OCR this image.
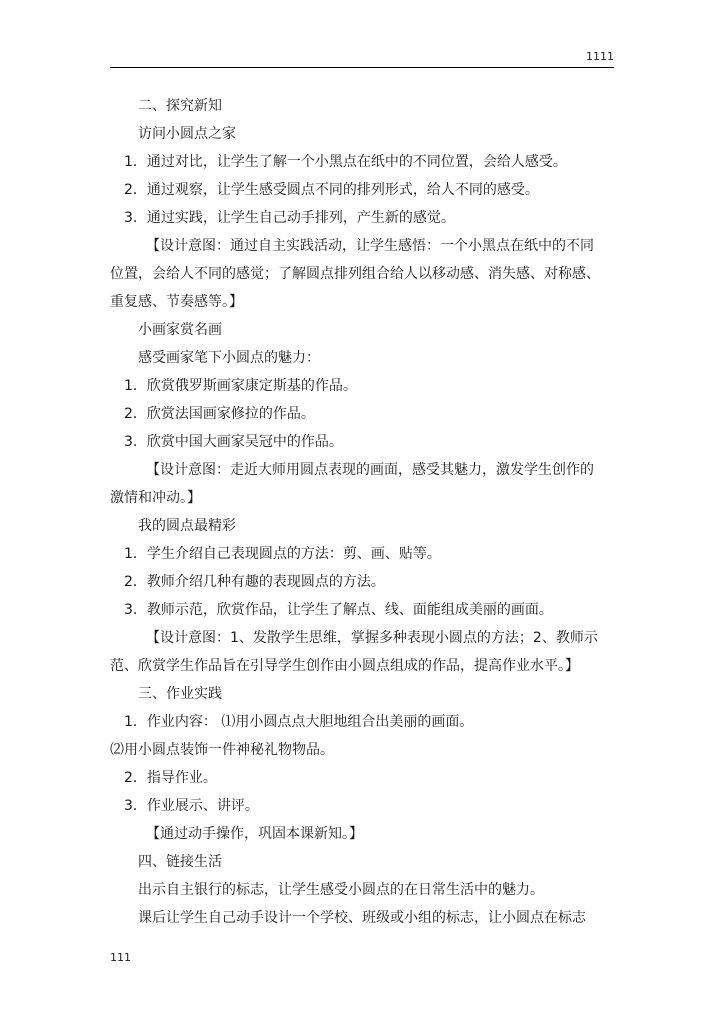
1111
二、探究新知
访问小圆点之家
1．通过对比，让学生了解一个小黑点在纸中的不同位置，会给人感受。
2．通过观察，让学生感受圆点不同的排列形式，给人不同的感受。
3．通过实践，让学生自己动手排列，产生新的感觉。
【设计意图：通过自主实践活动，让学生感悟：一个小黑点在纸中的不同
位置，会给人不同的感觉；了解圆点排列组合给人以移动感、消失感、对称感、
重复感、节奏感等。】
小画家赏名画
感受画家笔下小圆点的魅力：
1．欣赏俄罗斯画家康定斯基的作品。
2．欣赏法国画家修拉的作品。
3．欣赏中国大画家吴冠中的作品。
【设计意图：走近大师用圆点表现的画面，感受其魅力，激发学生创作的
激情和冲动。】
我的圆点最精彩
1．学生介绍自己表现圆点的方法：剪、画、贴等。
2．教师介绍几种有趣的表现圆点的方法。
3．教师示范，欣赏作品，让学生了解点、线、面能组成美丽的画面。
【设计意图：1、发散学生思维，掌握多种表现小圆点的方法；2、教师示
范、欣赏学生作品旨在引导学生创作由小圆点组成的作品，提高作业水平。】
三、作业实践
1．作业内容： ⑴用小圆点点大胆地组合出美丽的画面。
⑵用小圆点装饰一件神秘礼物物品。
2．指导作业。
3．作业展示、讲评。
【通过动手操作，巩固本课新知。】
四、链接生活
出示自主银行的标志，让学生感受小圆点的在日常生活中的魅力。
课后让学生自己动手设计一个学校、班级或小组的标志，让小圆点在标志
111
